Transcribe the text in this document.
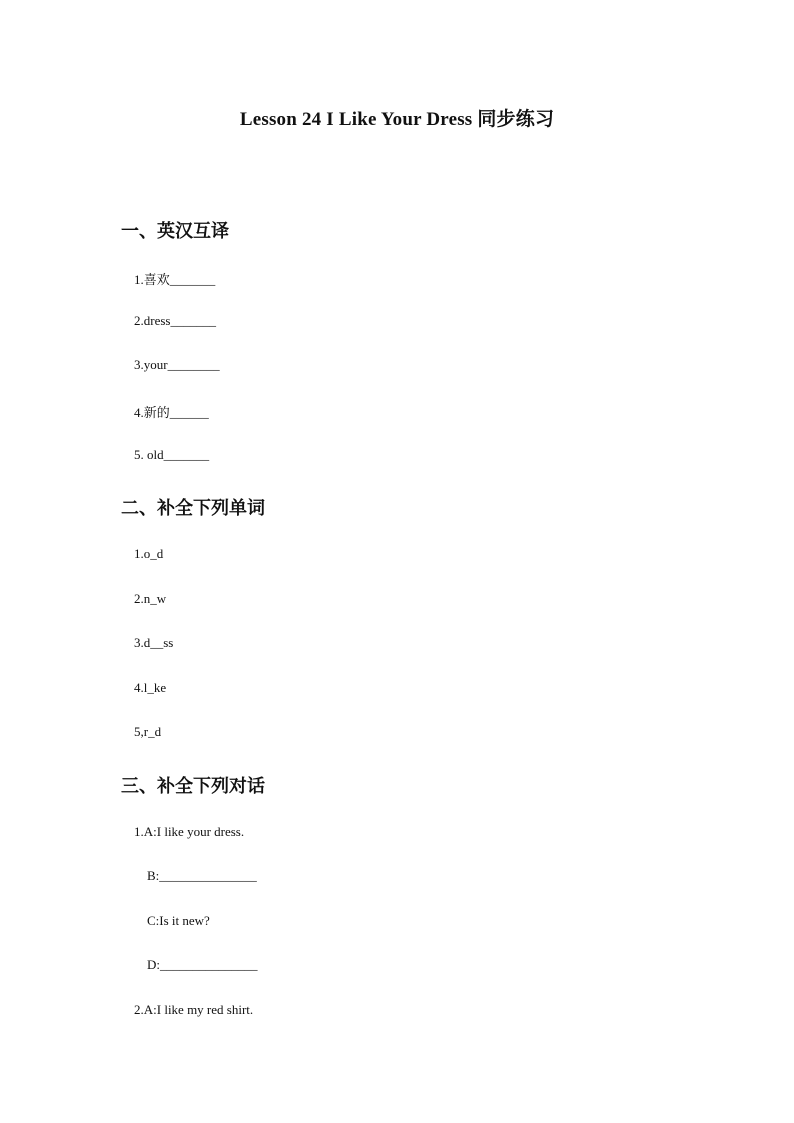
Lesson 24 I Like Your Dress 同步练习
一、英汉互译
1.喜欢_______
2.dress_______
3.your________
4.新的______
5. old_______
二、补全下列单词
1.o_d
2.n_w
3.d__ss
4.l_ke
5,r_d
三、补全下列对话
1.A:I like your dress.
B:_______________
C:Is it new?
D:_______________
2.A:I like my red shirt.
